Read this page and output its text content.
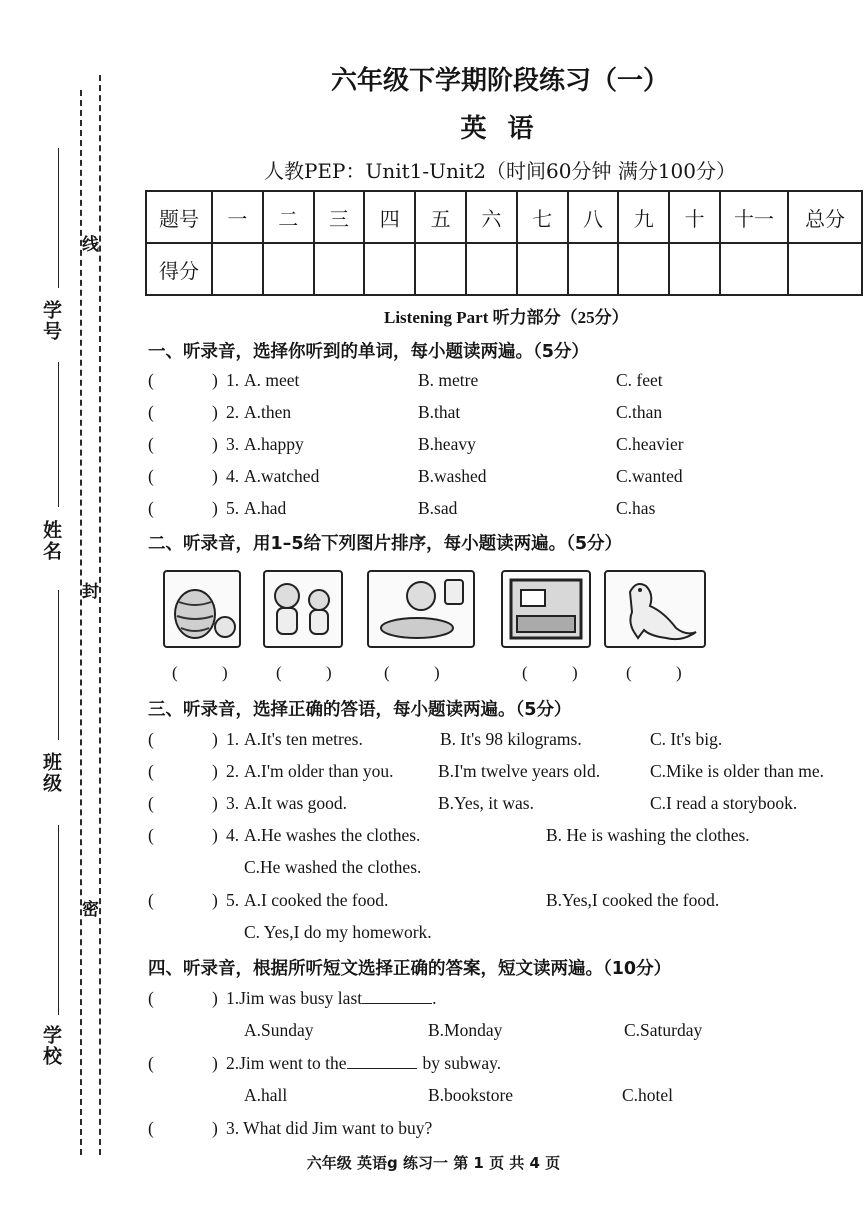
学号
姓名
班级
学校
线
封
密
六年级下学期阶段练习（一）
英 语
人教PEP：Unit1-Unit2（时间60分钟 满分100分）
题号	一	二	三	四	五	六	七	八	九	十	十一	总分
得分												
Listening Part 听力部分（25分）
一、听录音，选择你听到的单词，每小题读两遍。（5分）
(	) 1. A. meet	B. metre	C. feet
(	) 2. A.then	B.that	C.than
(	) 3. A.happy	B.heavy	C.heavier
(	) 4. A.watched	B.washed	C.wanted
(	) 5. A.had	B.sad	C.has
二、听录音，用1–5给下列图片排序，每小题读两遍。（5分）
(	)	(	)	(	)	(	)	(	)
三、听录音，选择正确的答语，每小题读两遍。（5分）
(	) 1. A.It's ten metres.	B. It's 98 kilograms.	C. It's big.
(	) 2. A.I'm older than you.	B.I'm twelve years old.	C.Mike is older than me.
(	) 3. A.It was good.	B.Yes, it was.	C.I read a storybook.
(	) 4. A.He washes the clothes.	B. He is washing the clothes.
C.He washed the clothes.
(	) 5. A.I cooked the food.	B.Yes,I cooked the food.
C. Yes,I do my homework.
四、听录音，根据所听短文选择正确的答案，短文读两遍。（10分）
(	) 1.Jim was busy last	.
A.Sunday	B.Monday	C.Saturday
(	) 2.Jim went to the	by subway.
A.hall	B.bookstore	C.hotel
(	) 3. What did Jim want to buy?
六年级 英语g 练习一 第 1 页 共 4 页
